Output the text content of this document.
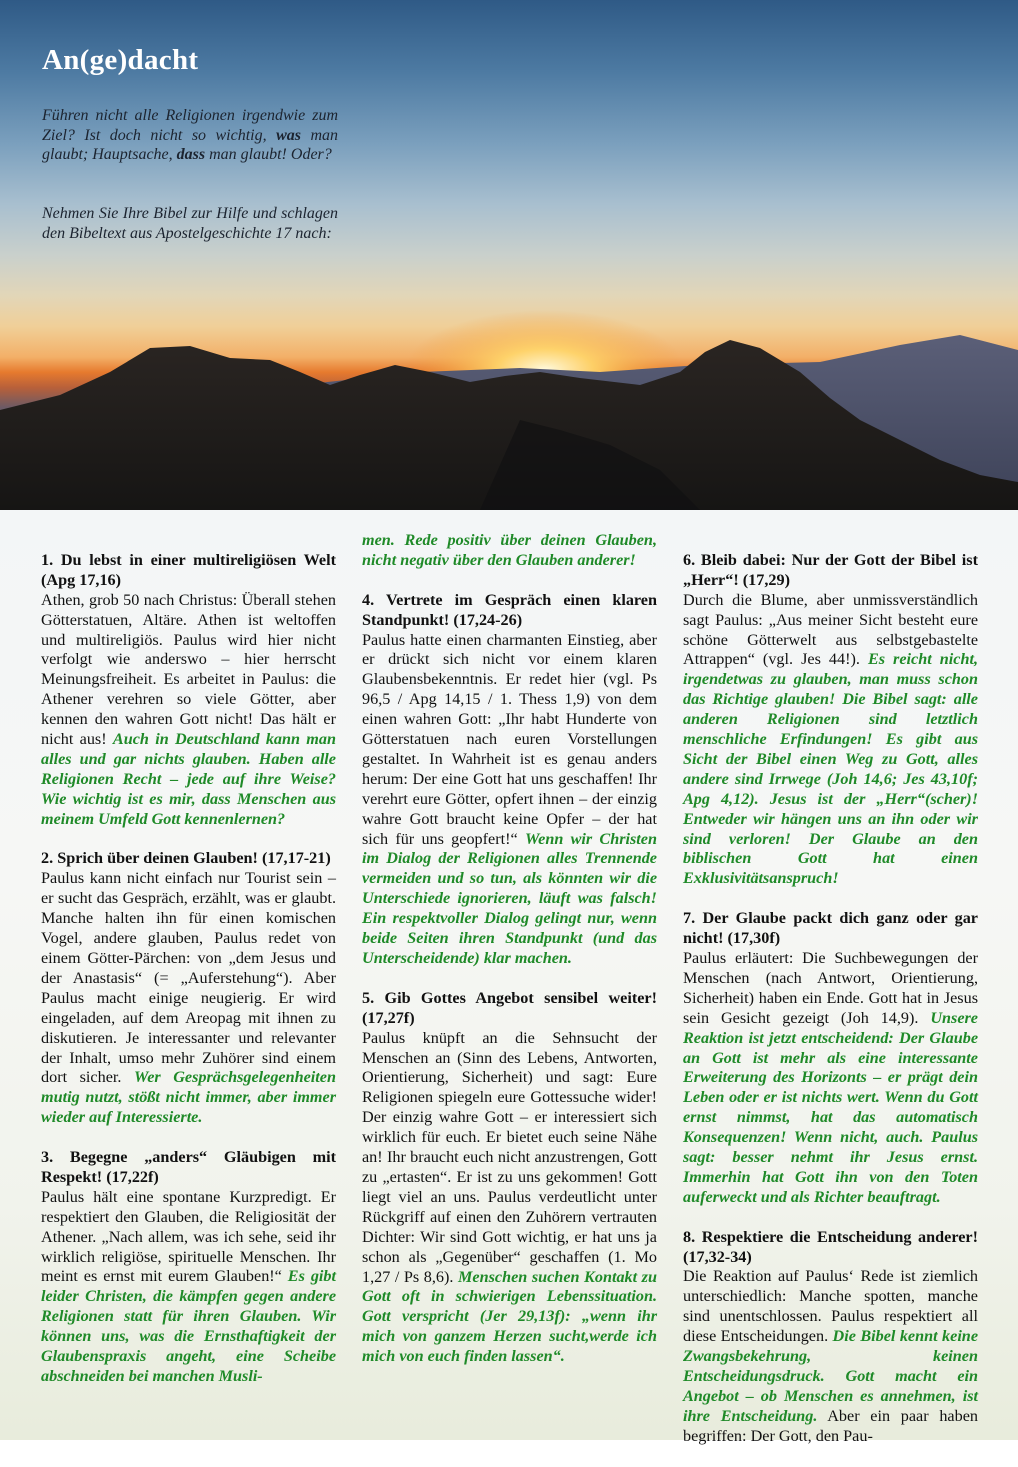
An(ge)dacht

Führen nicht alle Religionen irgendwie zum Ziel? Ist doch nicht so wichtig, was man glaubt; Hauptsache, dass man glaubt! Oder?

Nehmen Sie Ihre Bibel zur Hilfe und schlagen den Bibeltext aus Apostelgeschichte 17 nach:

1. Du lebst in einer multireligiösen Welt (Apg 17,16)
Athen, grob 50 nach Christus: Überall stehen Götterstatuen, Altäre. Athen ist weltoffen und multireligiös. Paulus wird hier nicht verfolgt wie anderswo – hier herrscht Meinungsfreiheit. Es arbeitet in Paulus: die Athener verehren so viele Götter, aber kennen den wahren Gott nicht! Das hält er nicht aus! Auch in Deutschland kann man alles und gar nichts glauben. Haben alle Religionen Recht – jede auf ihre Weise? Wie wichtig ist es mir, dass Menschen aus meinem Umfeld Gott kennenlernen?

2. Sprich über deinen Glauben! (17,17-21)
Paulus kann nicht einfach nur Tourist sein – er sucht das Gespräch, erzählt, was er glaubt. Manche halten ihn für einen komischen Vogel, andere glauben, Paulus redet von einem Götter-Pärchen: von „dem Jesus und der Anastasis“ (= „Auferstehung“). Aber Paulus macht einige neugierig. Er wird eingeladen, auf dem Areopag mit ihnen zu diskutieren. Je interessanter und relevanter der Inhalt, umso mehr Zuhörer sind einem dort sicher. Wer Gesprächsgelegenheiten mutig nutzt, stößt nicht immer, aber immer wieder auf Interessierte.

3. Begegne „anders“ Gläubigen mit Respekt! (17,22f)
Paulus hält eine spontane Kurzpredigt. Er respektiert den Glauben, die Religiosität der Athener. „Nach allem, was ich sehe, seid ihr wirklich religiöse, spirituelle Menschen. Ihr meint es ernst mit eurem Glauben!“ Es gibt leider Christen, die kämpfen gegen andere Religionen statt für ihren Glauben. Wir können uns, was die Ernsthaftigkeit der Glaubenspraxis angeht, eine Scheibe abschneiden bei manchen Musli-

men. Rede positiv über deinen Glauben, nicht negativ über den Glauben anderer!

4. Vertrete im Gespräch einen klaren Standpunkt! (17,24-26)
Paulus hatte einen charmanten Einstieg, aber er drückt sich nicht vor einem klaren Glaubensbekenntnis. Er redet hier (vgl. Ps 96,5 / Apg 14,15 / 1. Thess 1,9) von dem einen wahren Gott: „Ihr habt Hunderte von Götterstatuen nach euren Vorstellungen gestaltet. In Wahrheit ist es genau anders herum: Der eine Gott hat uns geschaffen! Ihr verehrt eure Götter, opfert ihnen – der einzig wahre Gott braucht keine Opfer – der hat sich für uns geopfert!“ Wenn wir Christen im Dialog der Religionen alles Trennende vermeiden und so tun, als könnten wir die Unterschiede ignorieren, läuft was falsch! Ein respektvoller Dialog gelingt nur, wenn beide Seiten ihren Standpunkt (und das Unterscheidende) klar machen.

5. Gib Gottes Angebot sensibel weiter! (17,27f)
Paulus knüpft an die Sehnsucht der Menschen an (Sinn des Lebens, Antworten, Orientierung, Sicherheit) und sagt: Eure Religionen spiegeln eure Gottessuche wider! Der einzig wahre Gott – er interessiert sich wirklich für euch. Er bietet euch seine Nähe an! Ihr braucht euch nicht anzustrengen, Gott zu „ertasten“. Er ist zu uns gekommen! Gott liegt viel an uns. Paulus verdeutlicht unter Rückgriff auf einen den Zuhörern vertrauten Dichter: Wir sind Gott wichtig, er hat uns ja schon als „Gegenüber“ geschaffen (1. Mo 1,27 / Ps 8,6). Menschen suchen Kontakt zu Gott oft in schwierigen Lebenssituation. Gott verspricht (Jer 29,13f): „wenn ihr mich von ganzem Herzen sucht,werde ich mich von euch finden lassen“.

6. Bleib dabei: Nur der Gott der Bibel ist „Herr“! (17,29)
Durch die Blume, aber unmissverständlich sagt Paulus: „Aus meiner Sicht besteht eure schöne Götterwelt aus selbstgebastelte Attrappen“ (vgl. Jes 44!). Es reicht nicht, irgendetwas zu glauben, man muss schon das Richtige glauben! Die Bibel sagt: alle anderen Religionen sind letztlich menschliche Erfindungen! Es gibt aus Sicht der Bibel einen Weg zu Gott, alles andere sind Irrwege (Joh 14,6; Jes 43,10f; Apg 4,12). Jesus ist der „Herr“(scher)! Entweder wir hängen uns an ihn oder wir sind verloren! Der Glaube an den biblischen Gott hat einen Exklusivitätsanspruch!

7. Der Glaube packt dich ganz oder gar nicht! (17,30f)
Paulus erläutert: Die Suchbewegungen der Menschen (nach Antwort, Orientierung, Sicherheit) haben ein Ende. Gott hat in Jesus sein Gesicht gezeigt (Joh 14,9). Unsere Reaktion ist jetzt entscheidend: Der Glaube an Gott ist mehr als eine interessante Erweiterung des Horizonts – er prägt dein Leben oder er ist nichts wert. Wenn du Gott ernst nimmst, hat das automatisch Konsequenzen! Wenn nicht, auch. Paulus sagt: besser nehmt ihr Jesus ernst. Immerhin hat Gott ihn von den Toten auferweckt und als Richter beauftragt.

8. Respektiere die Entscheidung anderer! (17,32-34)
Die Reaktion auf Paulus‘ Rede ist ziemlich unterschiedlich: Manche spotten, manche sind unentschlossen. Paulus respektiert all diese Entscheidungen. Die Bibel kennt keine Zwangsbekehrung, keinen Entscheidungsdruck. Gott macht ein Angebot – ob Menschen es annehmen, ist ihre Entscheidung. Aber ein paar haben begriffen: Der Gott, den Pau-
